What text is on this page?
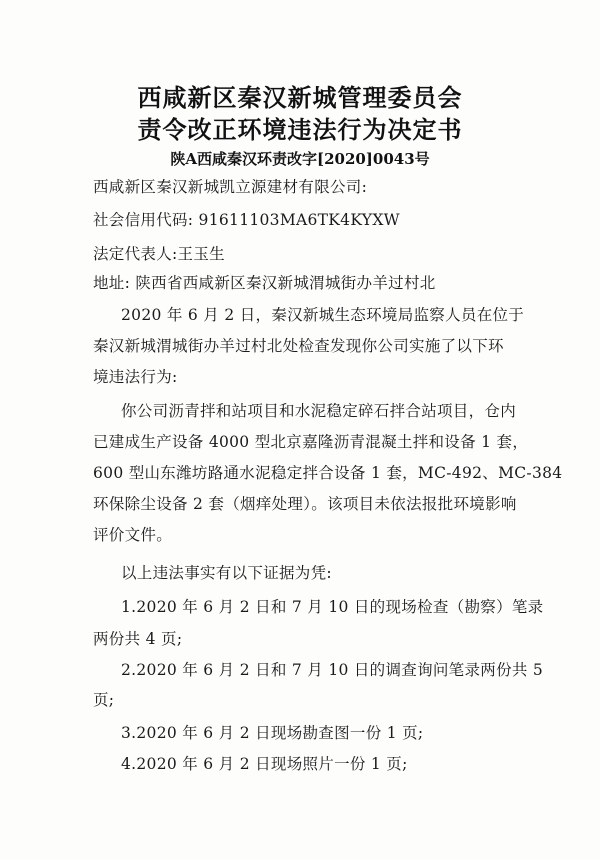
西咸新区秦汉新城管理委员会
责令改正环境违法行为决定书
陕A西咸秦汉环责改字[2020]0043号
西咸新区秦汉新城凯立源建材有限公司:
社会信用代码: 91611103MA6TK4KYXW
法定代表人:王玉生
地址: 陕西省西咸新区秦汉新城渭城街办羊过村北
2020 年 6 月 2 日，秦汉新城生态环境局监察人员在位于
秦汉新城渭城街办羊过村北处检查发现你公司实施了以下环
境违法行为:
你公司沥青拌和站项目和水泥稳定碎石拌合站项目，仓内
已建成生产设备 4000 型北京嘉隆沥青混凝土拌和设备 1 套，
600 型山东潍坊路通水泥稳定拌合设备 1 套，MC-492、MC-384
环保除尘设备 2 套（烟痒处理）。该项目未依法报批环境影响
评价文件。
以上违法事实有以下证据为凭:
1.2020 年 6 月 2 日和 7 月 10 日的现场检查（勘察）笔录
两份共 4 页;
2.2020 年 6 月 2 日和 7 月 10 日的调查询问笔录两份共 5
页;
3.2020 年 6 月 2 日现场勘查图一份 1 页;
4.2020 年 6 月 2 日现场照片一份 1 页;
